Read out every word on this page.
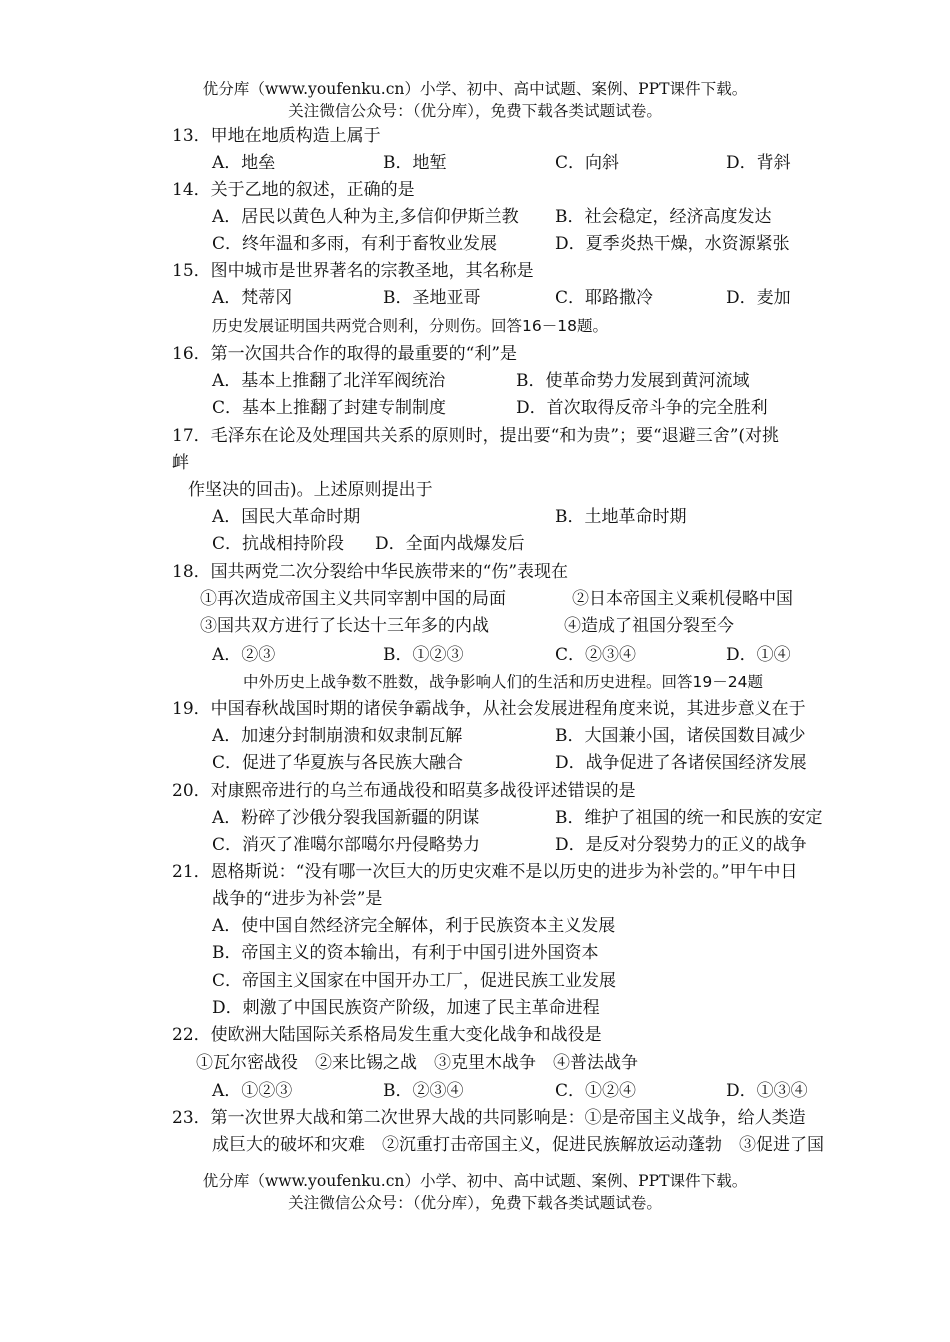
优分库（www.youfenku.cn）小学、初中、高中试题、案例、PPT课件下载。
关注微信公众号：（优分库），免费下载各类试题试卷。
13．甲地在地质构造上属于
A．地垒	B．地堑	C．向斜	D．背斜
14．关于乙地的叙述，正确的是
A．居民以黄色人种为主,多信仰伊斯兰教 B．社会稳定，经济高度发达
C．终年温和多雨，有利于畜牧业发展	D．夏季炎热干燥，水资源紧张
15．图中城市是世界著名的宗教圣地，其名称是
A．梵蒂冈	B．圣地亚哥	C．耶路撒冷	D．麦加
历史发展证明国共两党合则利，分则伤。回答16－18题。
16．第一次国共合作的取得的最重要的“利”是
A．基本上推翻了北洋军阀统治	B．使革命势力发展到黄河流域
C．基本上推翻了封建专制制度	D．首次取得反帝斗争的完全胜利
17．毛泽东在论及处理国共关系的原则时，提出要“和为贵”；要“退避三舍”(对挑
衅
作坚决的回击)。上述原则提出于
A．国民大革命时期	B．土地革命时期
C．抗战相持阶段 D．全面内战爆发后
18．国共两党二次分裂给中华民族带来的“伤”表现在
①再次造成帝国主义共同宰割中国的局面	②日本帝国主义乘机侵略中国
③国共双方进行了长达十三年多的内战	④造成了祖国分裂至今
A．②③	B．①②③	C．②③④	D．①④
中外历史上战争数不胜数，战争影响人们的生活和历史进程。回答19－24题
19．中国春秋战国时期的诸侯争霸战争，从社会发展进程角度来说，其进步意义在于
A．加速分封制崩溃和奴隶制瓦解	B．大国兼小国，诸侯国数目减少
C．促进了华夏族与各民族大融合	D．战争促进了各诸侯国经济发展
20．对康熙帝进行的乌兰布通战役和昭莫多战役评述错误的是
A．粉碎了沙俄分裂我国新疆的阴谋	B．维护了祖国的统一和民族的安定
C．消灭了准噶尔部噶尔丹侵略势力	D．是反对分裂势力的正义的战争
21．恩格斯说：“没有哪一次巨大的历史灾难不是以历史的进步为补尝的。”甲午中日
战争的“进步为补尝”是
A．使中国自然经济完全解体，利于民族资本主义发展
B．帝国主义的资本输出，有利于中国引进外国资本
C．帝国主义国家在中国开办工厂，促进民族工业发展
D．刺激了中国民族资产阶级，加速了民主革命进程
22．使欧洲大陆国际关系格局发生重大变化战争和战役是
①瓦尔密战役　②来比锡之战　③克里木战争　④普法战争
A．①②③	B．②③④	C．①②④	D．①③④
23．第一次世界大战和第二次世界大战的共同影响是：①是帝国主义战争，给人类造
成巨大的破坏和灾难　②沉重打击帝国主义，促进民族解放运动蓬勃　③促进了国
优分库（www.youfenku.cn）小学、初中、高中试题、案例、PPT课件下载。
关注微信公众号：（优分库），免费下载各类试题试卷。
